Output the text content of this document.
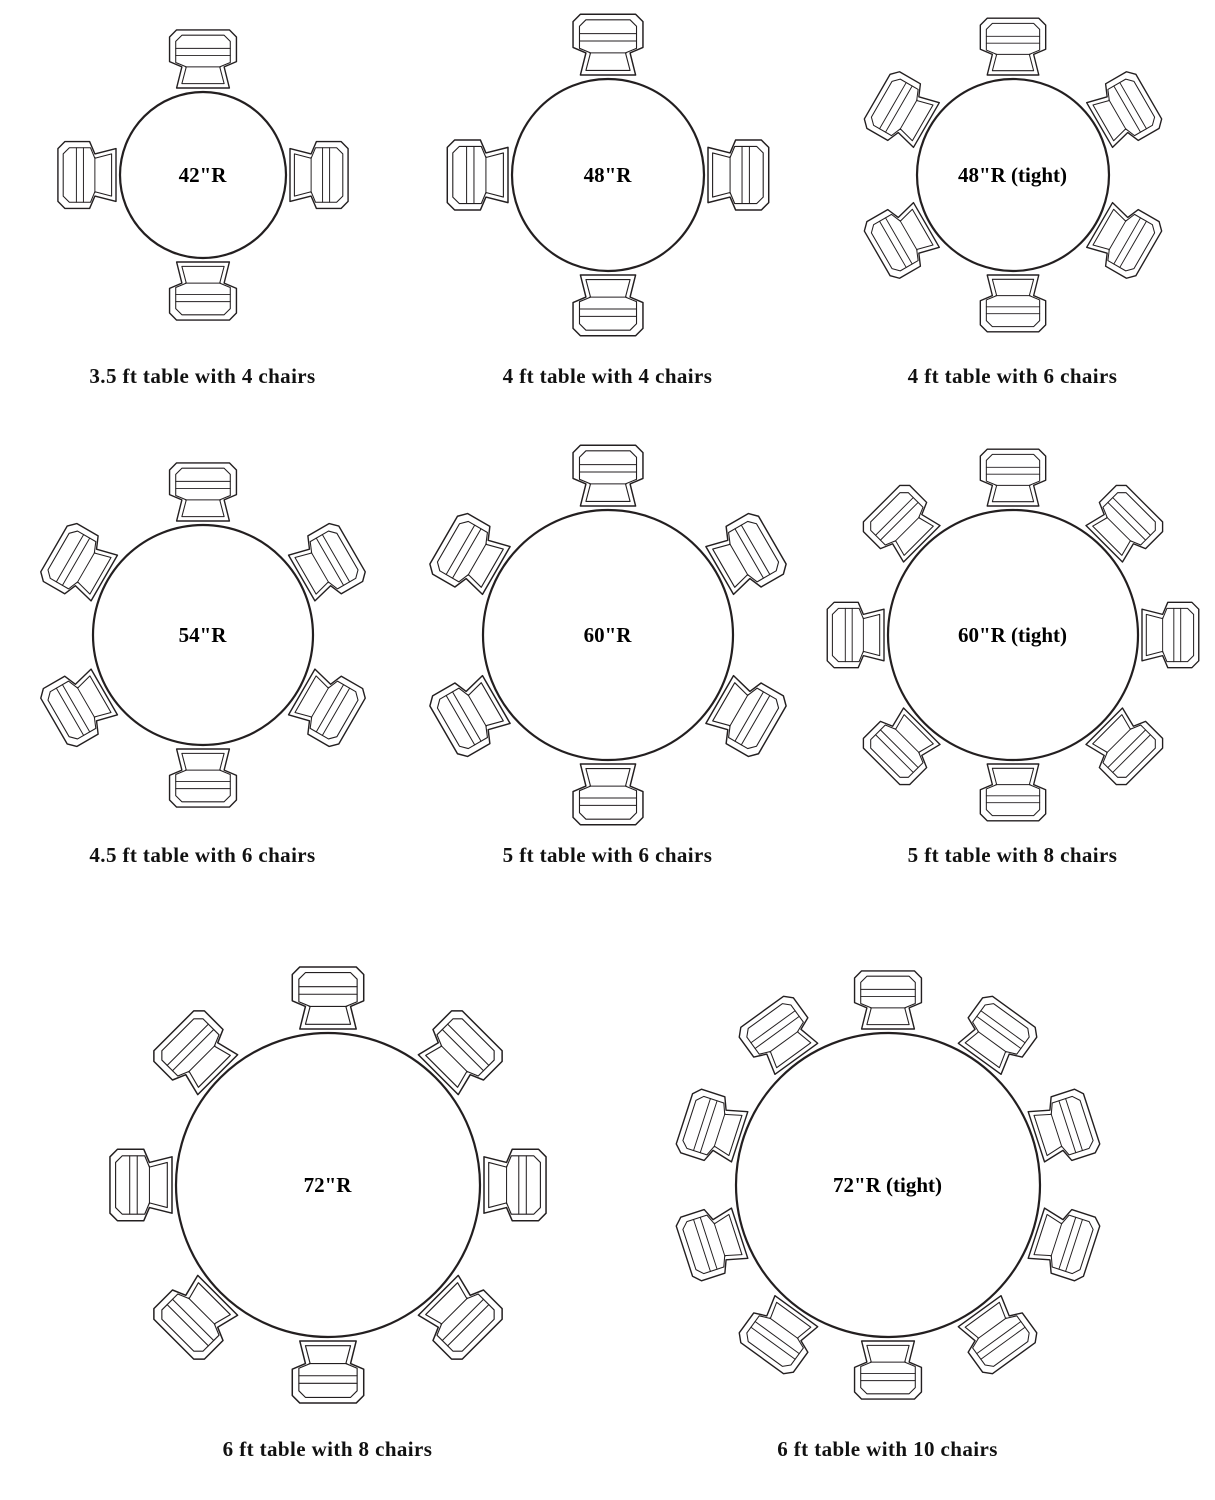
42"R
3.5 ft table with 4 chairs
48"R
4 ft table with 4 chairs
48"R (tight)
4 ft table with 6 chairs
54"R
4.5 ft table with 6 chairs
60"R
5 ft table with 6 chairs
60"R (tight)
5 ft table with 8 chairs
72"R
6 ft table with 8 chairs
72"R (tight)
6 ft table with 10 chairs
